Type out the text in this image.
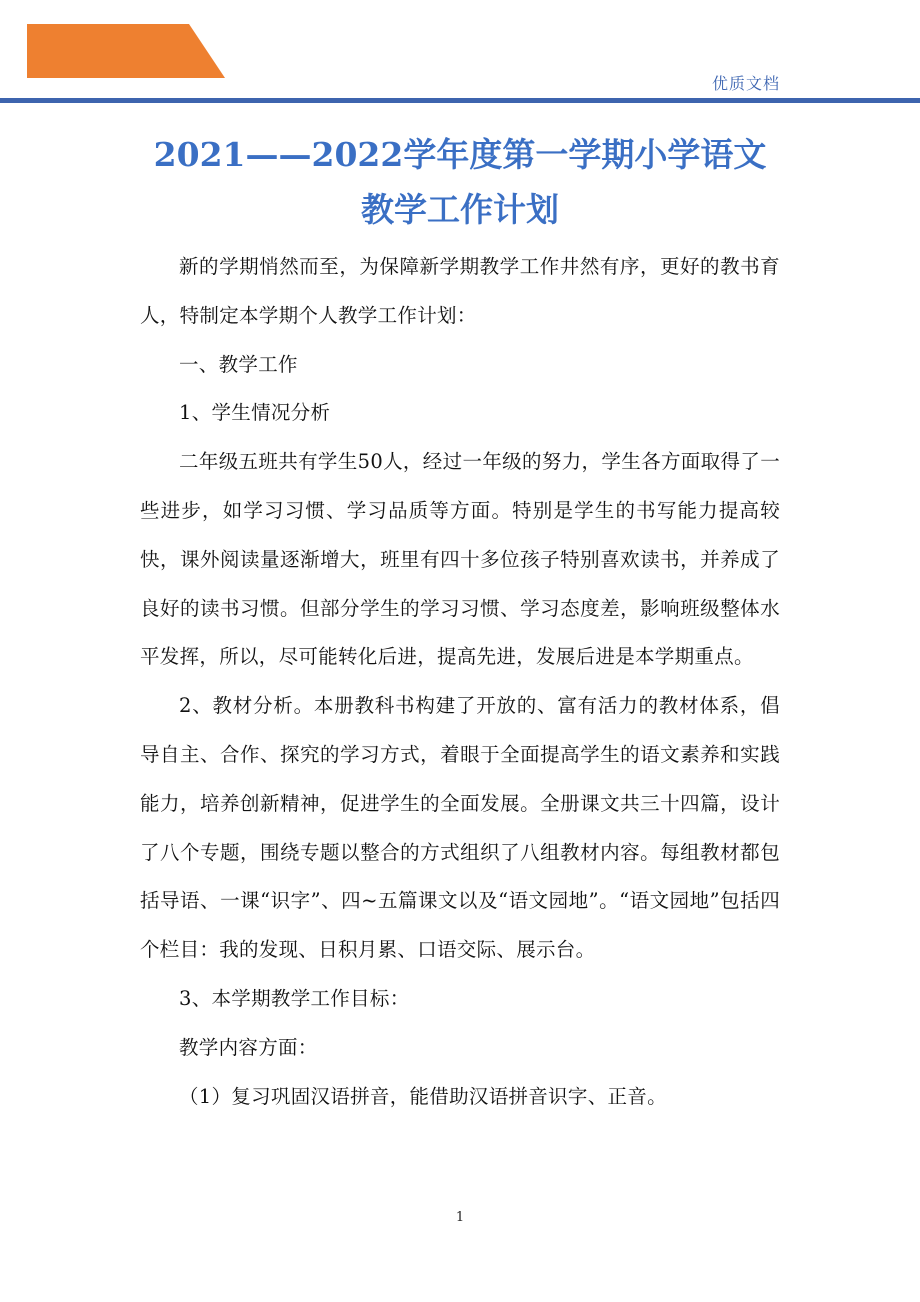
优质文档
2021——2022学年度第一学期小学语文
教学工作计划

新的学期悄然而至，为保障新学期教学工作井然有序，更好的教书育人，特制定本学期个人教学工作计划：

一、教学工作

1、学生情况分析

二年级五班共有学生50人，经过一年级的努力，学生各方面取得了一些进步，如学习习惯、学习品质等方面。特别是学生的书写能力提高较快，课外阅读量逐渐增大，班里有四十多位孩子特别喜欢读书，并养成了良好的读书习惯。但部分学生的学习习惯、学习态度差，影响班级整体水平发挥，所以，尽可能转化后进，提高先进，发展后进是本学期重点。

2、教材分析。本册教科书构建了开放的、富有活力的教材体系，倡导自主、合作、探究的学习方式，着眼于全面提高学生的语文素养和实践能力，培养创新精神，促进学生的全面发展。全册课文共三十四篇，设计了八个专题，围绕专题以整合的方式组织了八组教材内容。每组教材都包括导语、一课“识字”、四~五篇课文以及“语文园地”。“语文园地”包括四个栏目：我的发现、日积月累、口语交际、展示台。

3、本学期教学工作目标：

教学内容方面：

（1）复习巩固汉语拼音，能借助汉语拼音识字、正音。

1
